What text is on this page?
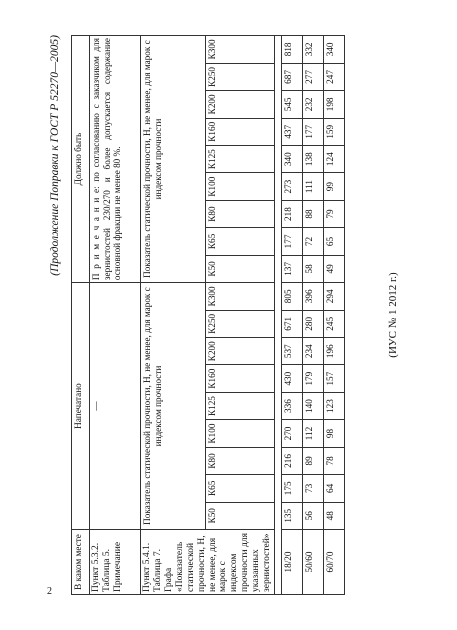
2
(Продолжение Поправки к ГОСТ Р 52270—2005)
В каком месте	Напечатано									Должно быть								
Пункт 5.3.2. Таблица 5. Примечание	—									П р и м е ч а н и е: по согласованию с заказчиком для зернистостей 230/270 и более допускается содержание основной фракции не менее 80 %.								
Пункт 5.4.1. Таблица 7. Графа «Показатель статической прочности, Н, не менее, для марок с индексом прочности для указанных зернистостей»	Показатель статической прочности, Н, не менее, для марок с индексом прочности									Показатель статической прочности, Н, не менее, для марок с индексом прочности								
	К50	К65	К80	К100	К125	К160	К200	К250	К300	К50	К65	К80	К100	К125	К160	К200	К250	К300

18/20	135	175	216	270	336	430	537	671	805	137	177	218	273	340	437	545	687	818
50/60	56	73	89	112	140	179	234	280	396	58	72	88	111	138	177	232	277	332
60/70	48	64	78	98	123	157	196	245	294	49	65	79	99	124	159	198	247	340
(ИУС № 1 2012 г.)
